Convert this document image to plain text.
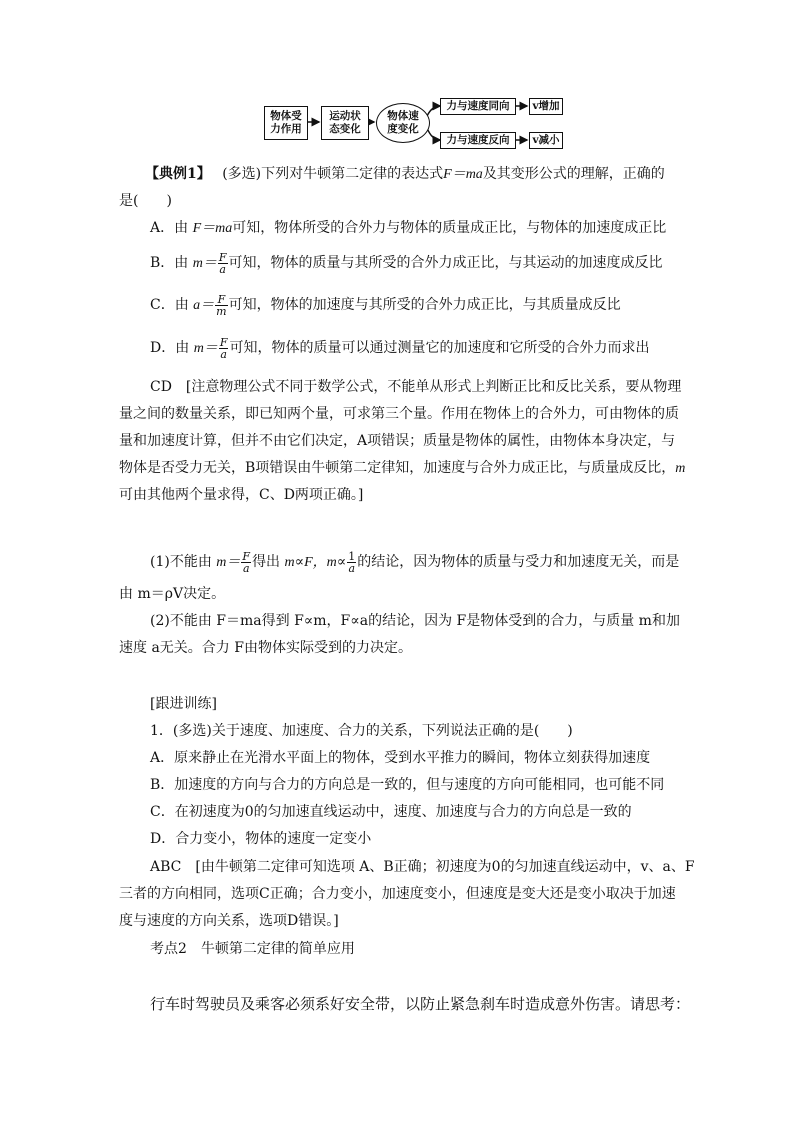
物体受
力作用
运动状
态变化
物体速
度变化
力与速度同向 v增加
力与速度反向 v减小
【典例1】　 (多选)下列对牛顿第二定律的表达式F＝ma及其变形公式的理解，正确的
是(　　)
A．由 F＝ma可知，物体所受的合外力与物体的质量成正比，与物体的加速度成正比
B．由 $m= \frac{F}{a}$ 可知，物体的质量与其所受的合外力成正比，与其运动的加速度成反比
C．由 $a= \frac{F}{m}$ 可知，物体的加速度与其所受的合外力成正比，与其质量成反比
D．由 $m= \frac{F}{a}$ 可知，物体的质量可以通过测量它的加速度和它所受的合外力而求出
CD　[注意物理公式不同于数学公式，不能单从形式上判断正比和反比关系，要从物理
量之间的数量关系，即已知两个量，可求第三个量。作用在物体上的合外力，可由物体的质
量和加速度计算，但并不由它们决定，A项错误；质量是物体的属性，由物体本身决定，与
物体是否受力无关，B项错误由牛顿第二定律知，加速度与合外力成正比，与质量成反比，m
可由其他两个量求得，C、D两项正确。]
(1)不能由 $m= \frac{F}{a}$ 得出 m∝F，$m\propto \frac{1}{a}$ 的结论，因为物体的质量与受力和加速度无关，而是
由 m＝ρV决定。
(2)不能由 F＝ma得到 F∝m，F∝a的结论，因为 F是物体受到的合力，与质量 m和加
速度 a无关。合力 F由物体实际受到的力决定。
[跟进训练]
1．(多选)关于速度、加速度、合力的关系，下列说法正确的是(　　)
A．原来静止在光滑水平面上的物体，受到水平推力的瞬间，物体立刻获得加速度
B．加速度的方向与合力的方向总是一致的，但与速度的方向可能相同，也可能不同
C．在初速度为0的匀加速直线运动中，速度、加速度与合力的方向总是一致的
D．合力变小，物体的速度一定变小
ABC　[由牛顿第二定律可知选项 A、B正确；初速度为0的匀加速直线运动中，v、a、F
三者的方向相同，选项C正确；合力变小，加速度变小，但速度是变大还是变小取决于加速
度与速度的方向关系，选项D错误。]
考点2　牛顿第二定律的简单应用
行车时驾驶员及乘客必须系好安全带，以防止紧急刹车时造成意外伤害。请思考：
